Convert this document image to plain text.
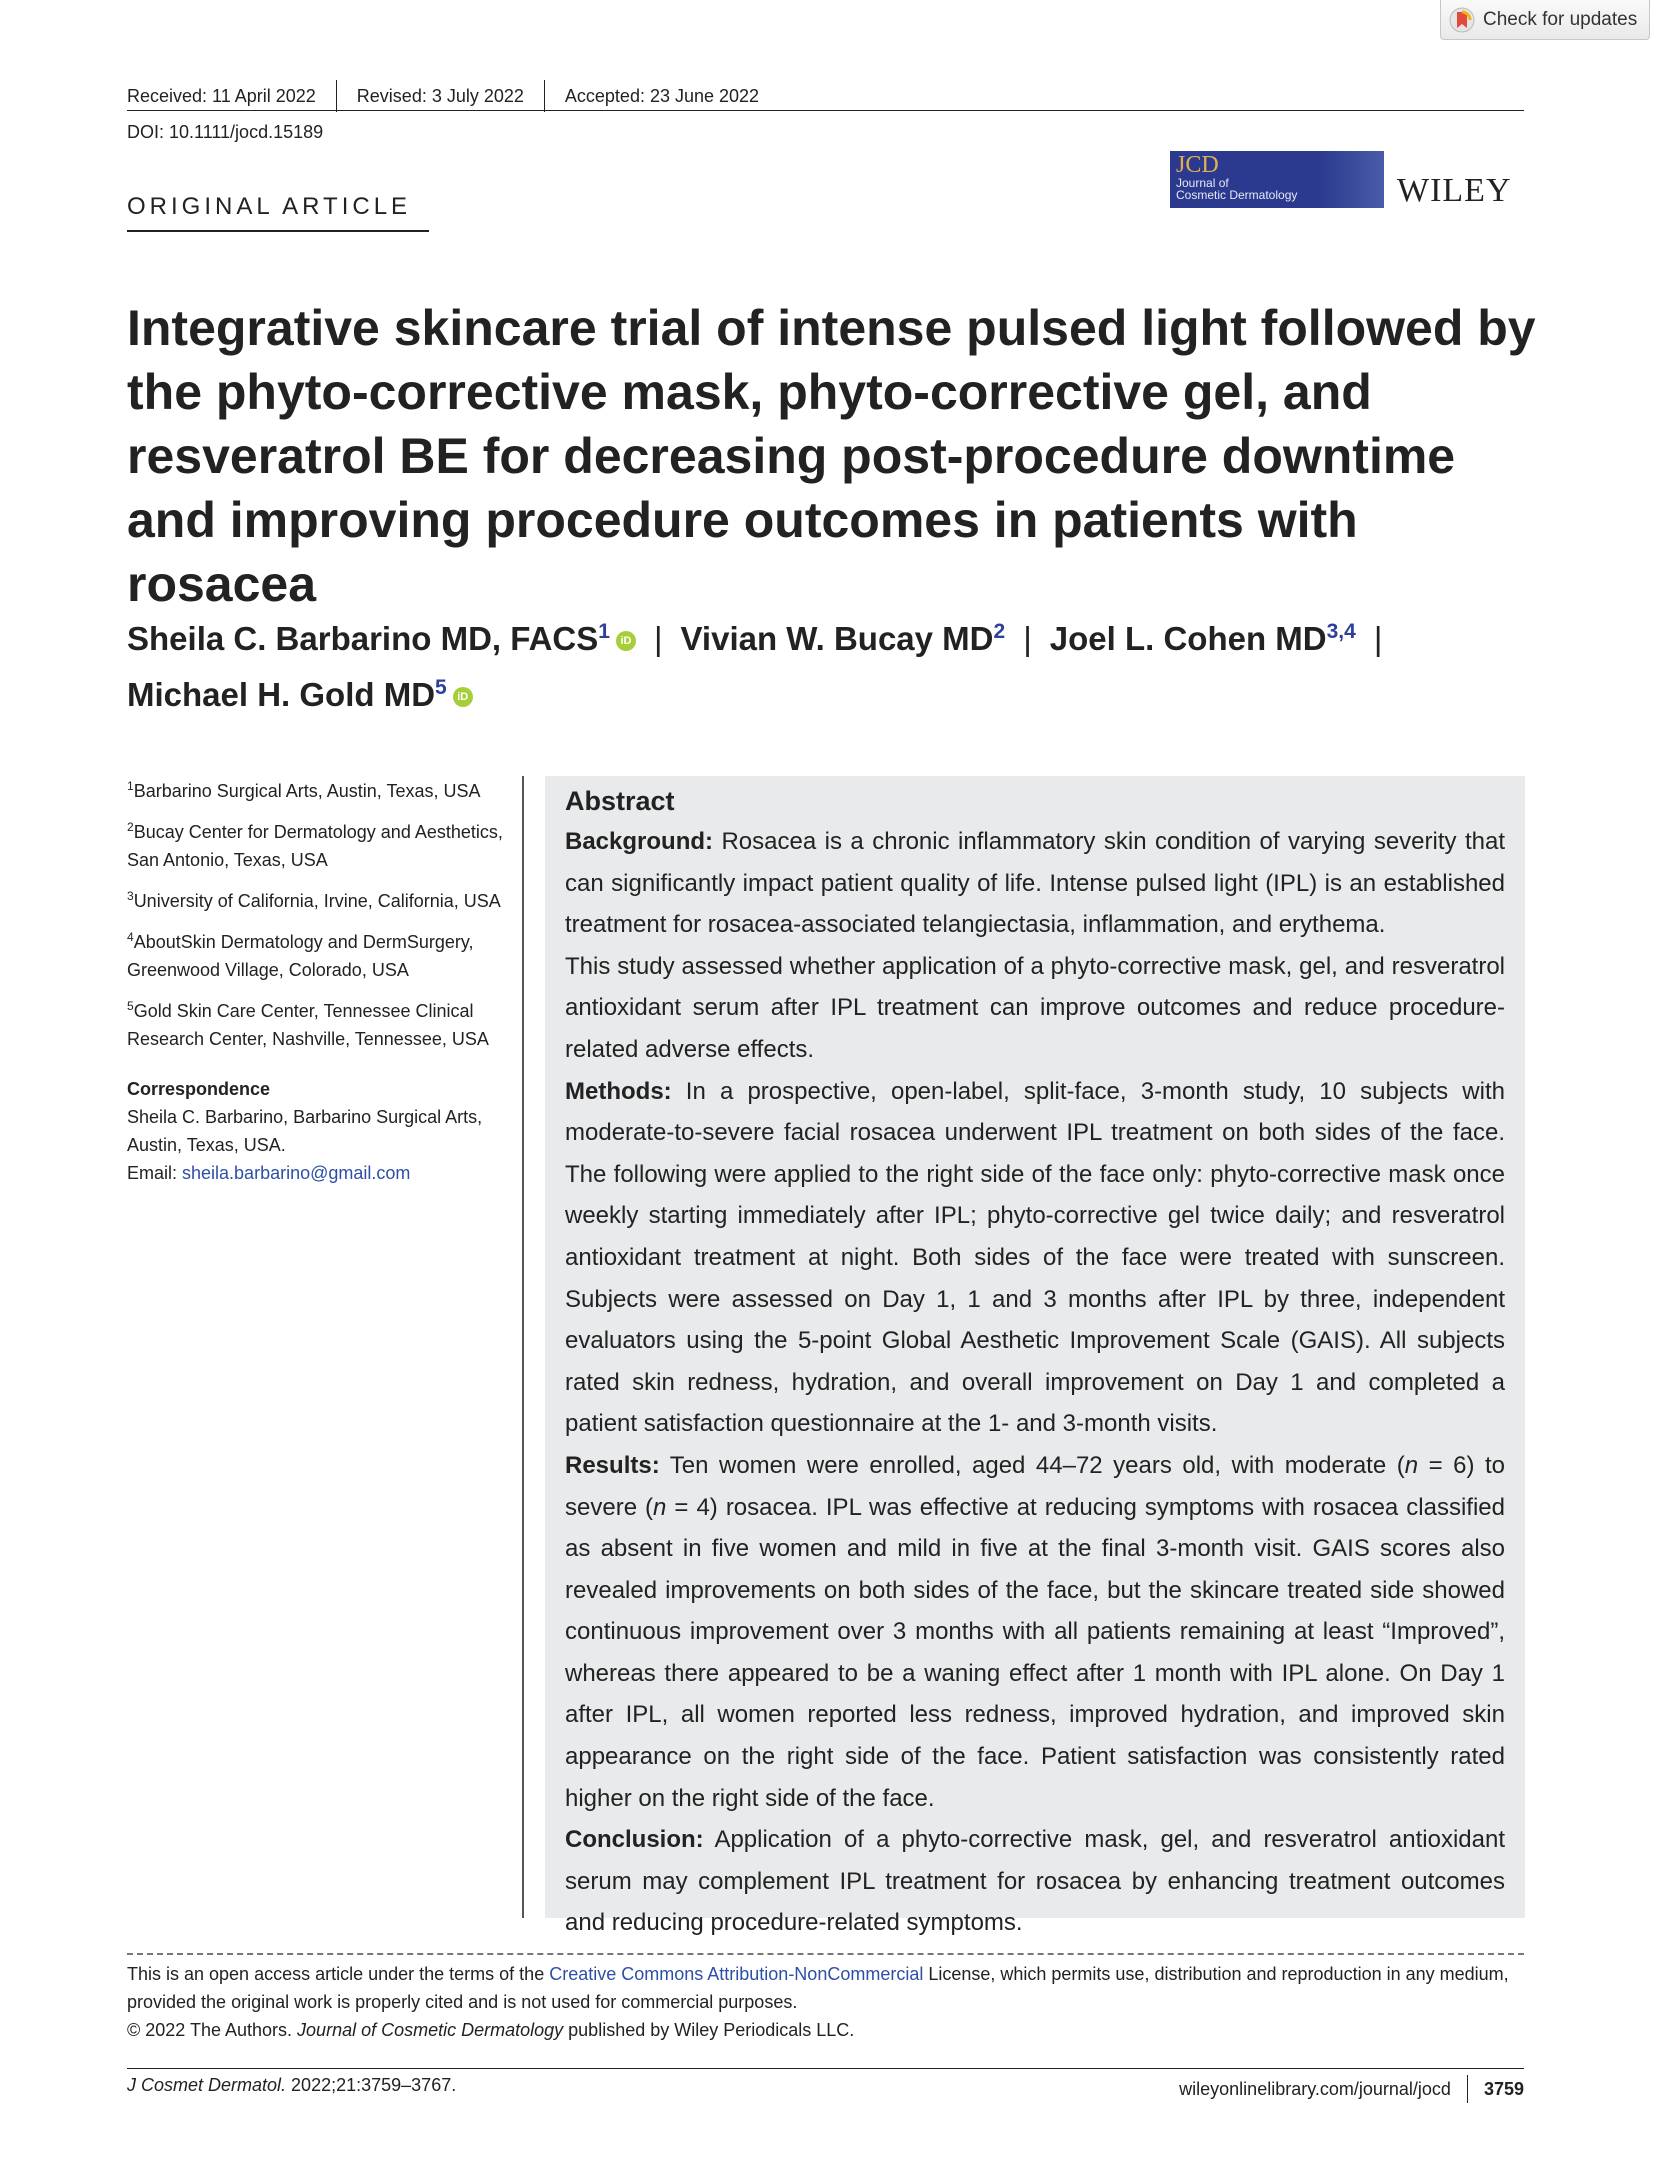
Check for updates
Received: 11 April 2022 Revised: 3 July 2022 Accepted: 23 June 2022
DOI: 10.1111/jocd.15189
ORIGINAL ARTICLE
JCD
Journal of
Cosmetic Dermatology	WILEY
Integrative skincare trial of intense pulsed light followed by the phyto-corrective mask, phyto-corrective gel, and resveratrol BE for decreasing post-procedure downtime and improving procedure outcomes in patients with rosacea
Sheila C. Barbarino MD, FACS$^1$ iD | Vivian W. Bucay $MD^2$ | Joel L. Cohen MD$^{3,4}$ |
Michael H. Gold $MD^5$ iD

$^1$Barbarino Surgical Arts, Austin, Texas, USA

$^2$Bucay Center for Dermatology and Aesthetics, San Antonio, Texas, USA

$^3$University of California, Irvine, California, USA

$^4$AboutSkin Dermatology and DermSurgery, Greenwood Village, Colorado, USA

$^5$Gold Skin Care Center, Tennessee Clinical Research Center, Nashville, Tennessee, USA

Correspondence
Sheila C. Barbarino, Barbarino Surgical Arts, Austin, Texas, USA.
Email: sheila.barbarino@gmail.com
Abstract

Background: Rosacea is a chronic inflammatory skin condition of varying severity that can significantly impact patient quality of life. Intense pulsed light (IPL) is an established treatment for rosacea-associated telangiectasia, inflammation, and erythema.

This study assessed whether application of a phyto-corrective mask, gel, and resveratrol antioxidant serum after IPL treatment can improve outcomes and reduce procedure-related adverse effects.

Methods: In a prospective, open-label, split-face, 3-month study, 10 subjects with moderate-to-severe facial rosacea underwent IPL treatment on both sides of the face. The following were applied to the right side of the face only: phyto-corrective mask once weekly starting immediately after IPL; phyto-corrective gel twice daily; and resveratrol antioxidant treatment at night. Both sides of the face were treated with sunscreen. Subjects were assessed on Day 1, 1 and 3 months after IPL by three, independent evaluators using the 5-point Global Aesthetic Improvement Scale (GAIS). All subjects rated skin redness, hydration, and overall improvement on Day 1 and completed a patient satisfaction questionnaire at the 1- and 3-month visits.

Results: Ten women were enrolled, aged 44–72 years old, with moderate (n = 6) to severe (n = 4) rosacea. IPL was effective at reducing symptoms with rosacea classified as absent in five women and mild in five at the final 3-month visit. GAIS scores also revealed improvements on both sides of the face, but the skincare treated side showed continuous improvement over 3 months with all patients remaining at least “Improved”, whereas there appeared to be a waning effect after 1 month with IPL alone. On Day 1 after IPL, all women reported less redness, improved hydration, and improved skin appearance on the right side of the face. Patient satisfaction was consistently rated higher on the right side of the face.

Conclusion: Application of a phyto-corrective mask, gel, and resveratrol antioxidant serum may complement IPL treatment for rosacea by enhancing treatment outcomes and reducing procedure-related symptoms.

This is an open access article under the terms of the Creative Commons Attribution-NonCommercial License, which permits use, distribution and reproduction in any medium, provided the original work is properly cited and is not used for commercial purposes.
© 2022 The Authors. Journal of Cosmetic Dermatology published by Wiley Periodicals LLC.
J Cosmet Dermatol. 2022;21:3759–3767.	wileyonlinelibrary.com/journal/jocd 3759
